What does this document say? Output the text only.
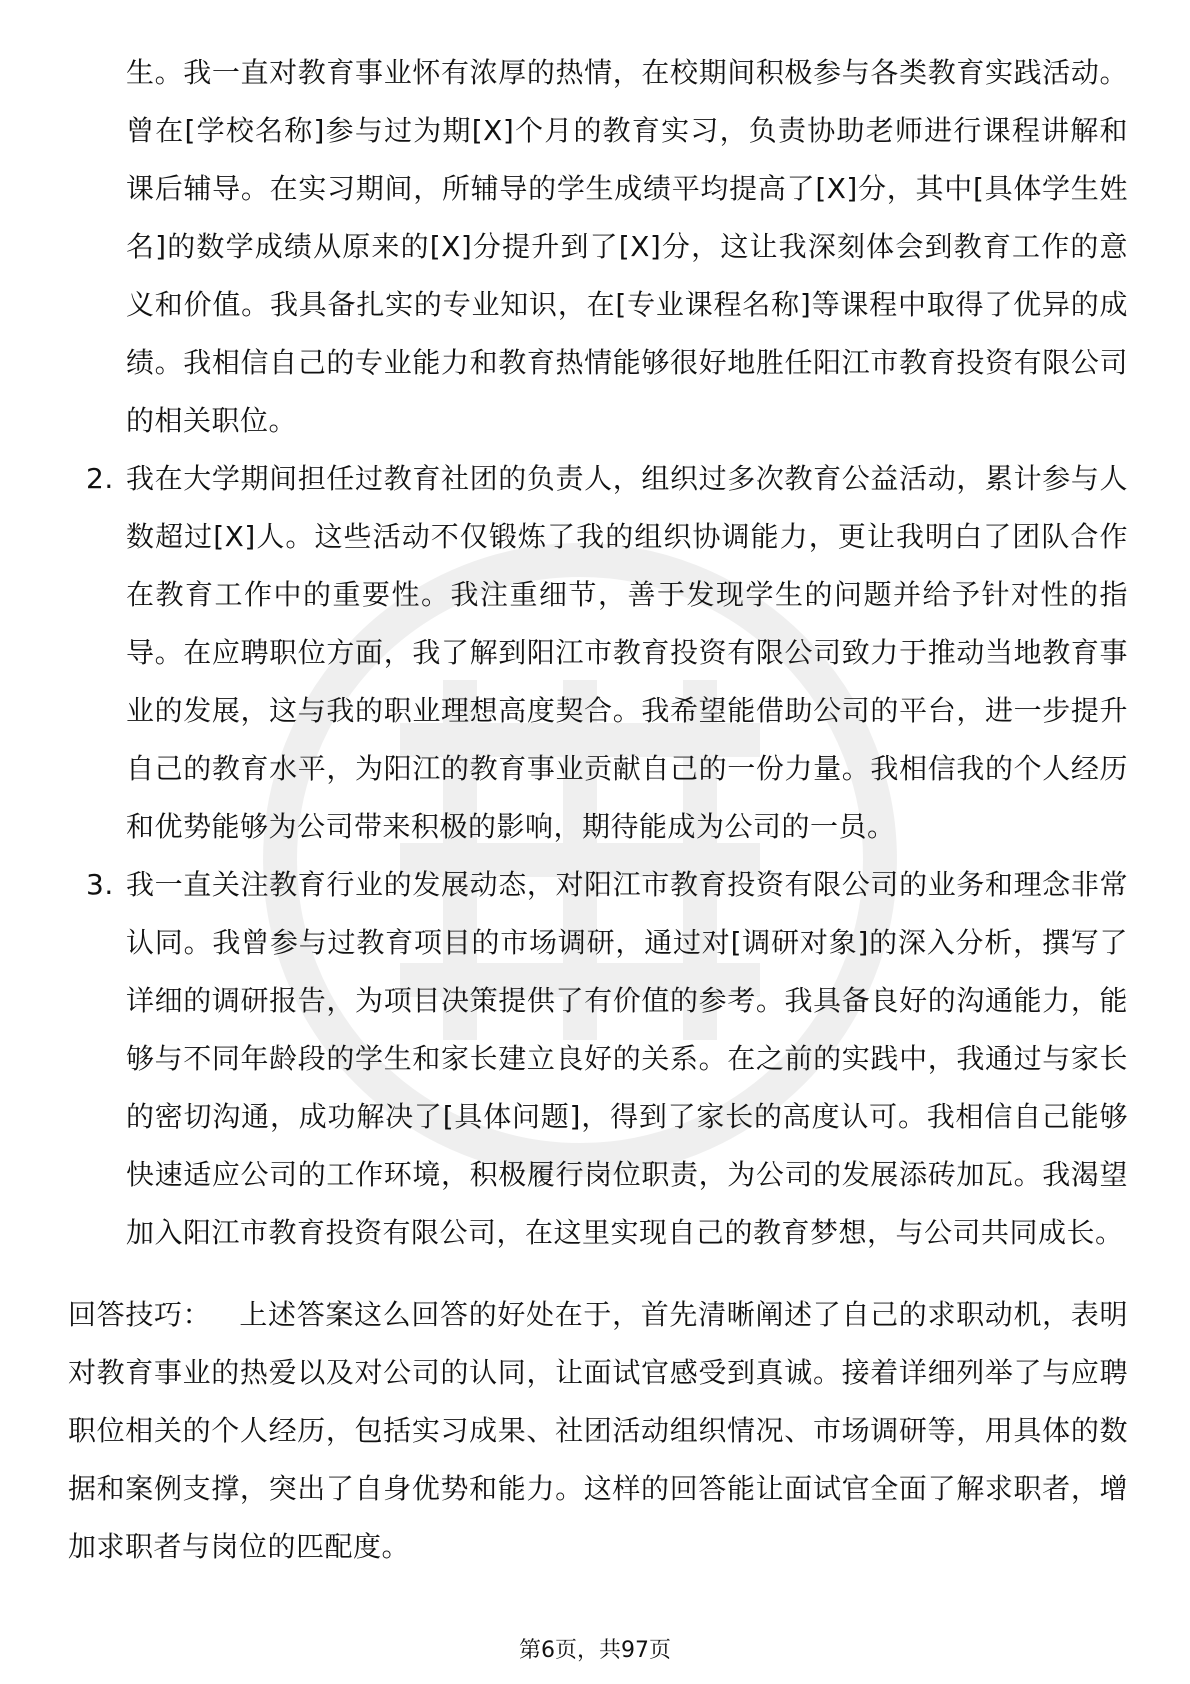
生。我一直对教育事业怀有浓厚的热情，在校期间积极参与各类教育实践活动。曾在[学校名称]参与过为期[X]个月的教育实习，负责协助老师进行课程讲解和课后辅导。在实习期间，所辅导的学生成绩平均提高了[X]分，其中[具体学生姓名]的数学成绩从原来的[X]分提升到了[X]分，这让我深刻体会到教育工作的意义和价值。我具备扎实的专业知识，在[专业课程名称]等课程中取得了优异的成绩。我相信自己的专业能力和教育热情能够很好地胜任阳江市教育投资有限公司的相关职位。
2. 我在大学期间担任过教育社团的负责人，组织过多次教育公益活动，累计参与人数超过[X]人。这些活动不仅锻炼了我的组织协调能力，更让我明白了团队合作在教育工作中的重要性。我注重细节，善于发现学生的问题并给予针对性的指导。在应聘职位方面，我了解到阳江市教育投资有限公司致力于推动当地教育事业的发展，这与我的职业理想高度契合。我希望能借助公司的平台，进一步提升自己的教育水平，为阳江的教育事业贡献自己的一份力量。我相信我的个人经历和优势能够为公司带来积极的影响，期待能成为公司的一员。
3. 我一直关注教育行业的发展动态，对阳江市教育投资有限公司的业务和理念非常认同。我曾参与过教育项目的市场调研，通过对[调研对象]的深入分析，撰写了详细的调研报告，为项目决策提供了有价值的参考。我具备良好的沟通能力，能够与不同年龄段的学生和家长建立良好的关系。在之前的实践中，我通过与家长的密切沟通，成功解决了[具体问题]，得到了家长的高度认可。我相信自己能够快速适应公司的工作环境，积极履行岗位职责，为公司的发展添砖加瓦。我渴望加入阳江市教育投资有限公司，在这里实现自己的教育梦想，与公司共同成长。
回答技巧： 上述答案这么回答的好处在于，首先清晰阐述了自己的求职动机，表明对教育事业的热爱以及对公司的认同，让面试官感受到真诚。接着详细列举了与应聘职位相关的个人经历，包括实习成果、社团活动组织情况、市场调研等，用具体的数据和案例支撑，突出了自身优势和能力。这样的回答能让面试官全面了解求职者，增加求职者与岗位的匹配度。
第6页，共97页
